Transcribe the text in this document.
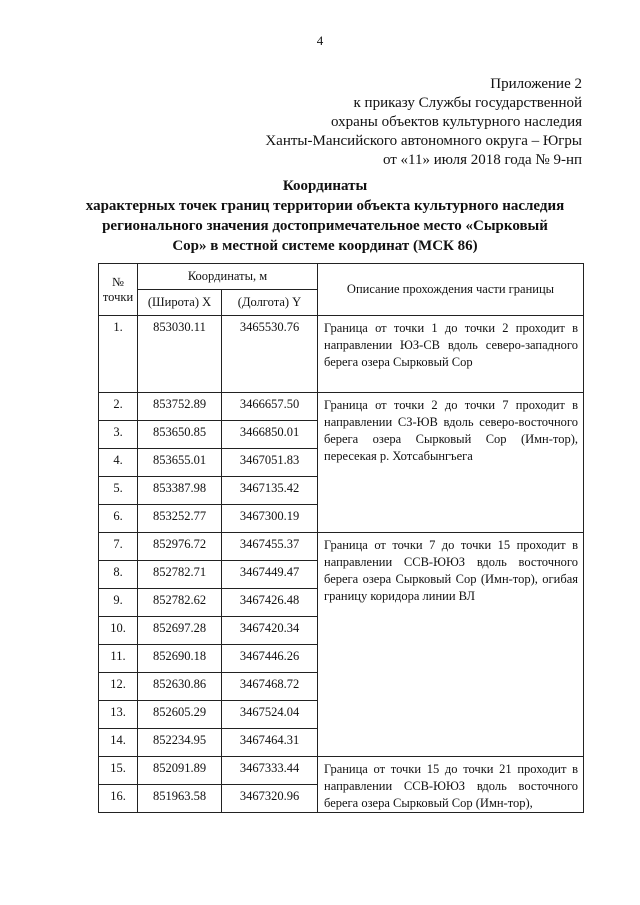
4
Приложение 2
к приказу Службы государственной
охраны объектов культурного наследия
Ханты-Мансийского автономного округа – Югры
от «11» июля 2018 года № 9-нп
Координаты
характерных точек границ территории объекта культурного наследия
регионального значения достопримечательное место «Сырковый
Сор» в местной системе координат (МСК 86)
№ точки	Координаты, м		Описание прохождения части границы
	(Широта) X	(Долгота) Y	
1.	853030.11	3465530.76	Граница от точки 1 до точки 2 проходит в направлении ЮЗ-СВ вдоль северо-западного берега озера Сырковый Сор
2.	853752.89	3466657.50	Граница от точки 2 до точки 7 проходит в направлении СЗ-ЮВ вдоль северо-восточного берега озера Сырковый Сор (Имн-тор), пересекая р. Хотсабынгъега
3.	853650.85	3466850.01	
4.	853655.01	3467051.83	
5.	853387.98	3467135.42	
6.	853252.77	3467300.19	
7.	852976.72	3467455.37	Граница от точки 7 до точки 15 проходит в направлении ССВ-ЮЮЗ вдоль восточного берега озера Сырковый Сор (Имн-тор), огибая границу коридора линии ВЛ
8.	852782.71	3467449.47	
9.	852782.62	3467426.48	
10.	852697.28	3467420.34	
11.	852690.18	3467446.26	
12.	852630.86	3467468.72	
13.	852605.29	3467524.04	
14.	852234.95	3467464.31	
15.	852091.89	3467333.44	Граница от точки 15 до точки 21 проходит в направлении ССВ-ЮЮЗ вдоль восточного берега озера Сырковый Сор (Имн-тор),
16.	851963.58	3467320.96	
